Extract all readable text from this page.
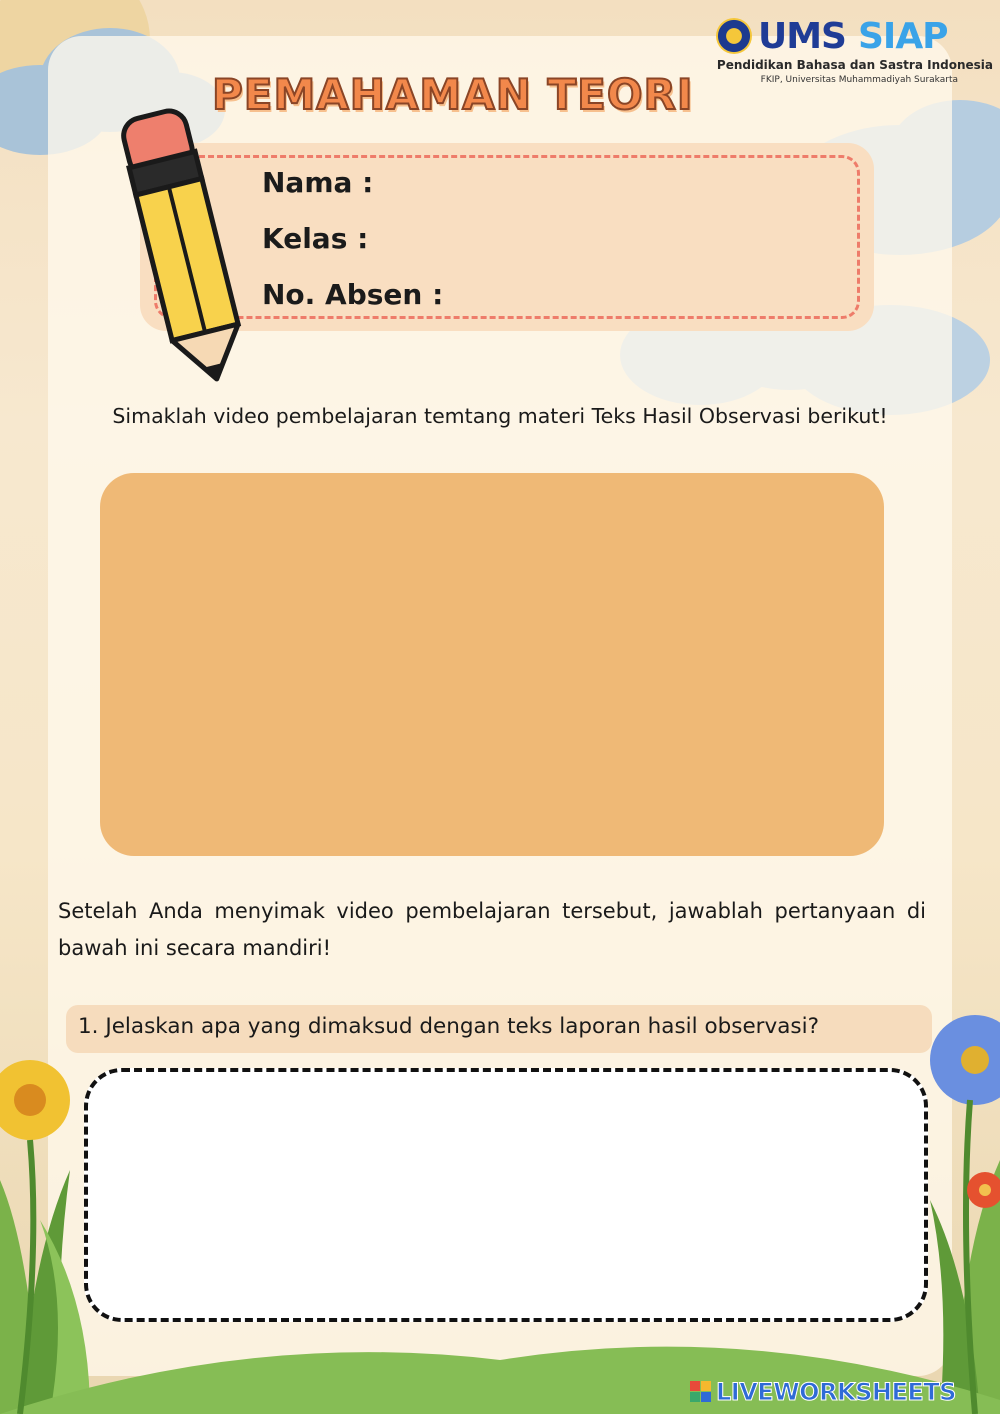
UMS SIAP
Pendidikan Bahasa dan Sastra Indonesia
FKIP, Universitas Muhammadiyah Surakarta
PEMAHAMAN TEORI
Nama :
Kelas :
No. Absen :
Simaklah video pembelajaran temtang materi Teks Hasil Observasi berikut!
Setelah Anda menyimak video pembelajaran tersebut, jawablah pertanyaan di bawah ini secara mandiri!
1. Jelaskan apa yang dimaksud dengan teks laporan hasil observasi?
LIVEWORKSHEETS
